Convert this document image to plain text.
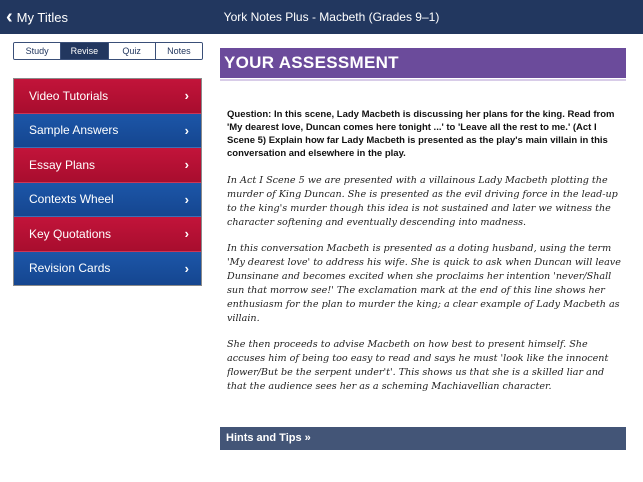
‹ My Titles	York Notes Plus - Macbeth (Grades 9–1)
Study	Revise	Quiz	Notes
Video Tutorials	›
Sample Answers	›
Essay Plans	›
Contexts Wheel	›
Key Quotations	›
Revision Cards	›
YOUR ASSESSMENT
Question: In this scene, Lady Macbeth is discussing her plans for the king. Read from 'My dearest love, Duncan comes here tonight ...' to 'Leave all the rest to me.' (Act I Scene 5) Explain how far Lady Macbeth is presented as the play's main villain in this conversation and elsewhere in the play.

In Act I Scene 5 we are presented with a villainous Lady Macbeth plotting the murder of King Duncan. She is presented as the evil driving force in the lead-up to the king's murder though this idea is not sustained and later we witness the character softening and eventually descending into madness.

In this conversation Macbeth is presented as a doting husband, using the term 'My dearest love' to address his wife. She is quick to ask when Duncan will leave Dunsinane and becomes excited when she proclaims her intention 'never/Shall sun that morrow see!' The exclamation mark at the end of this line shows her enthusiasm for the plan to murder the king; a clear example of Lady Macbeth as villain.

She then proceeds to advise Macbeth on how best to present himself. She accuses him of being too easy to read and says he must 'look like the innocent flower/But be the serpent under't'. This shows us that she is a skilled liar and that the audience sees her as a scheming Machiavellian character.

Hints and Tips »
